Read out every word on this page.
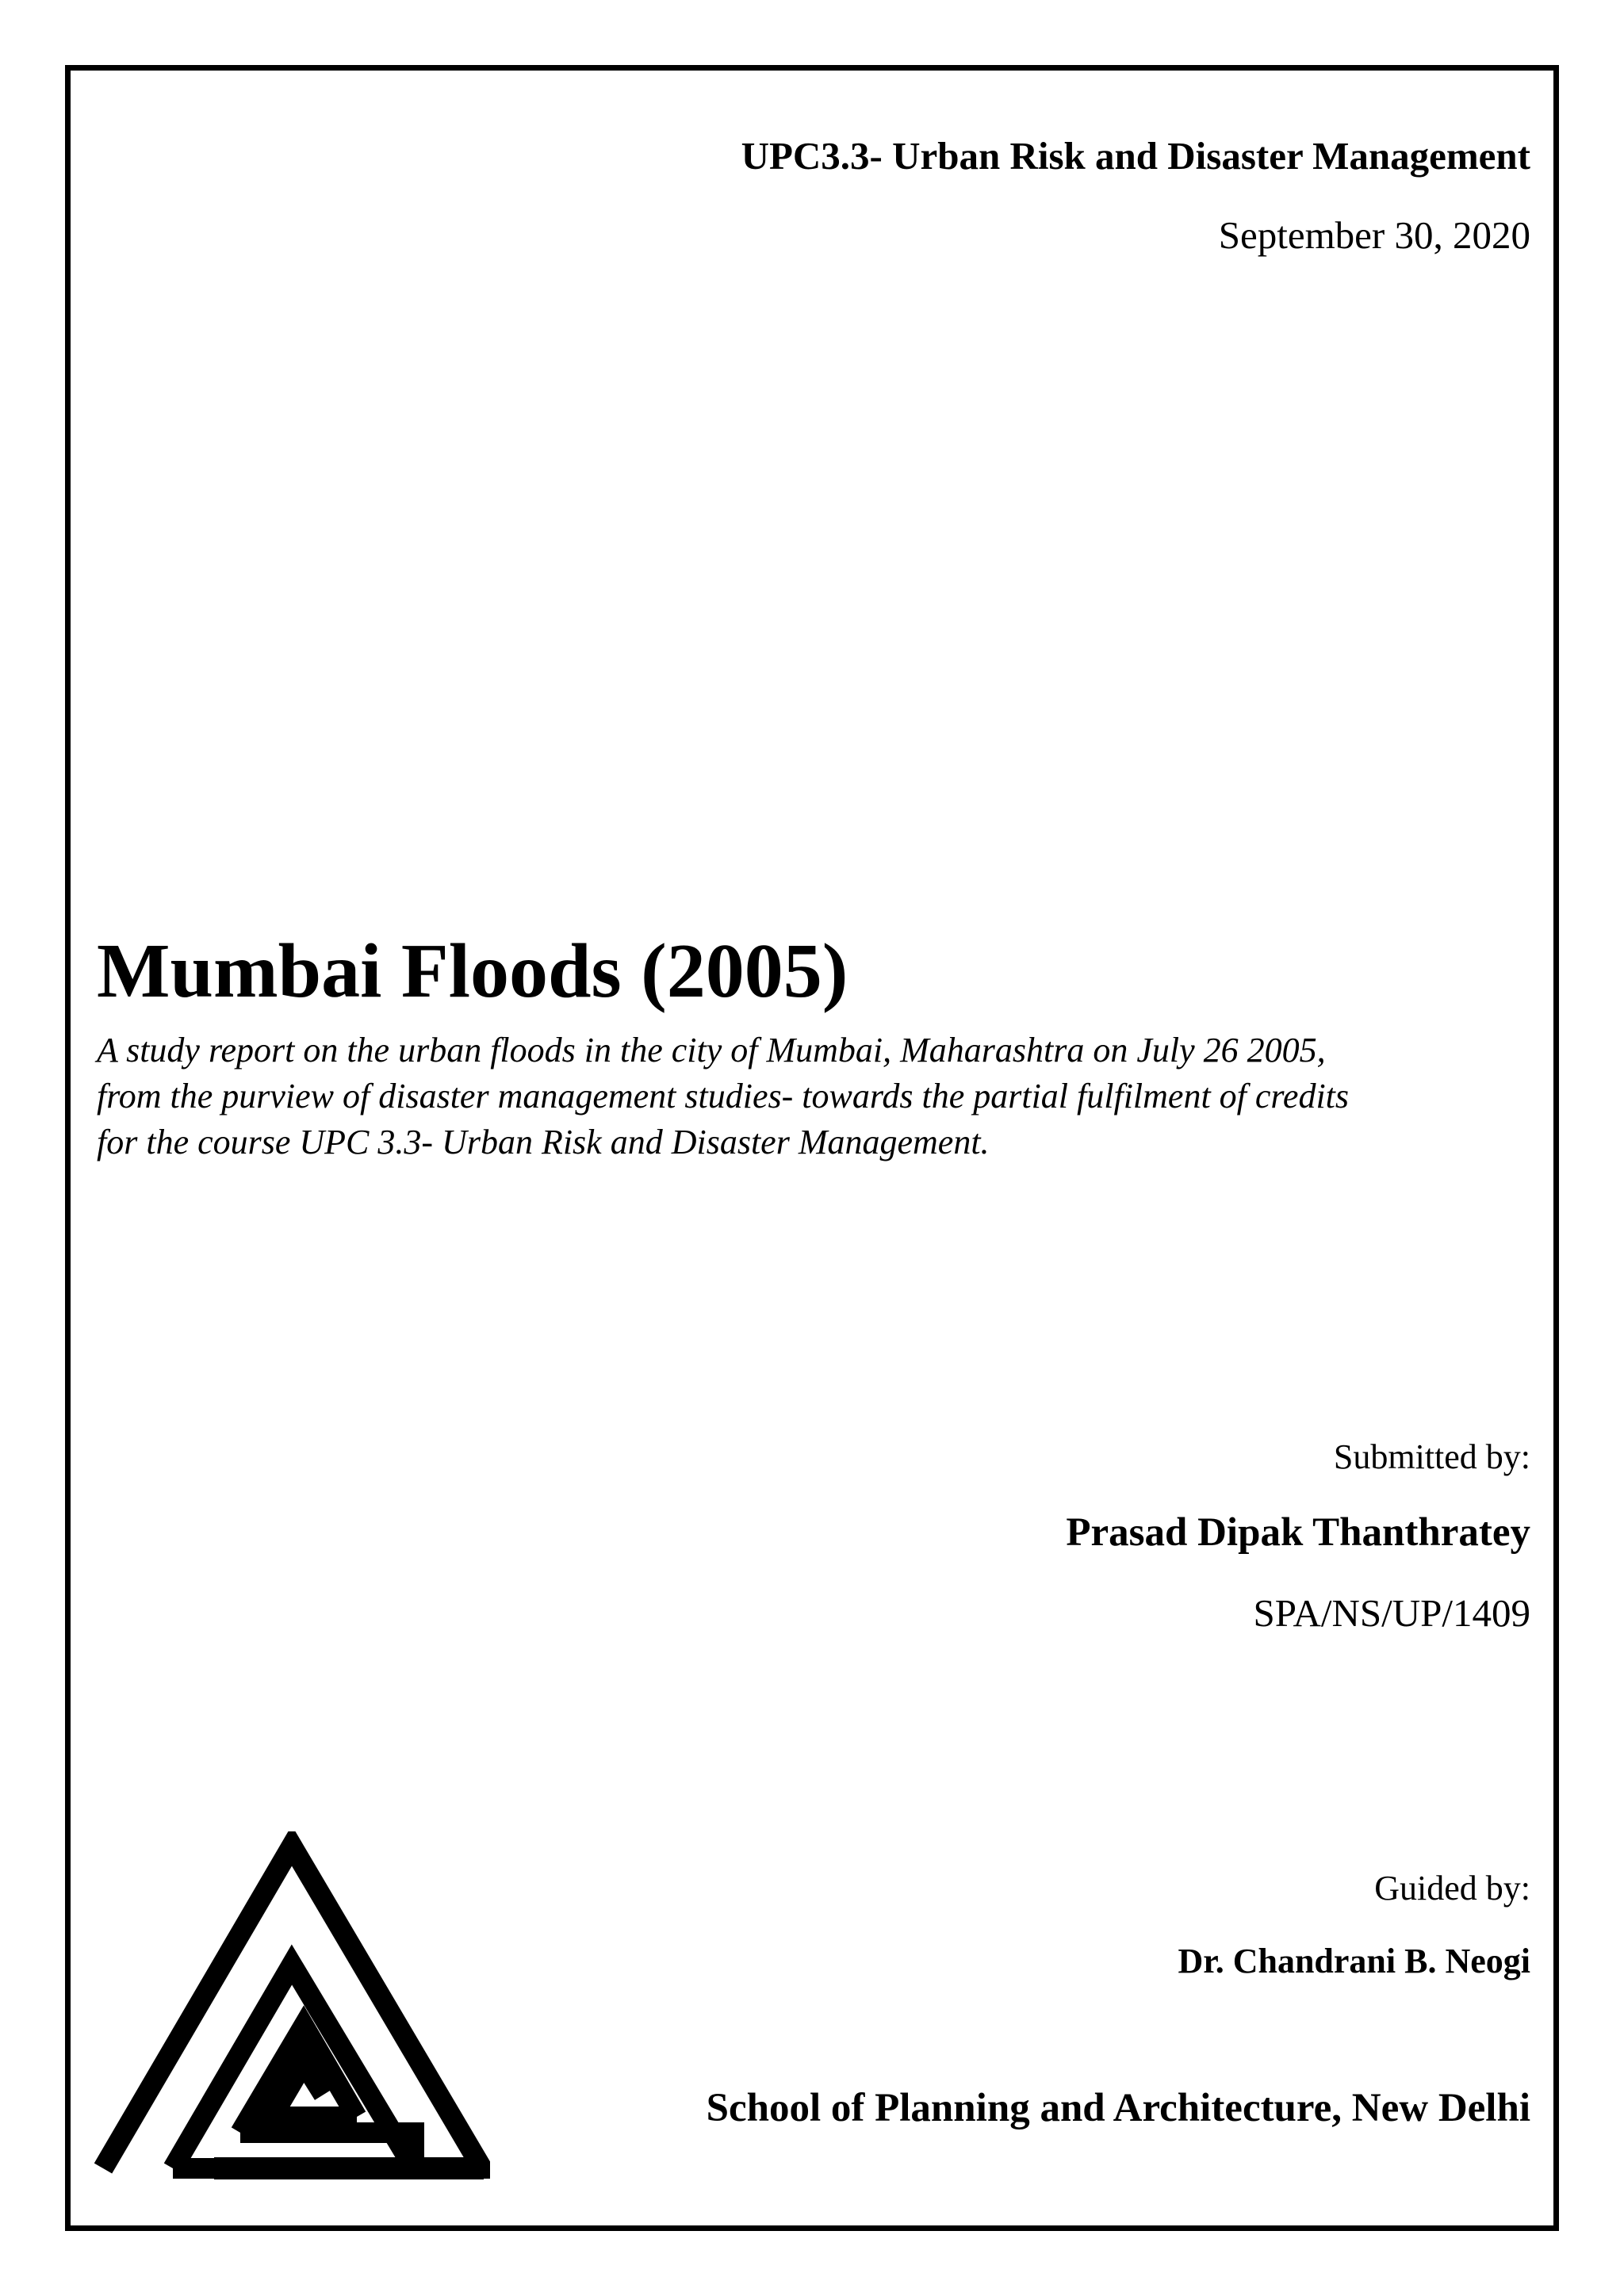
UPC3.3- Urban Risk and Disaster Management
September 30, 2020
Mumbai Floods (2005)
A study report on the urban floods in the city of Mumbai, Maharashtra on July 26 2005,
from the purview of disaster management studies- towards the partial fulfilment of credits
for the course UPC 3.3- Urban Risk and Disaster Management.
Submitted by:
Prasad Dipak Thanthratey
SPA/NS/UP/1409
Guided by:
Dr. Chandrani B. Neogi
School of Planning and Architecture, New Delhi
